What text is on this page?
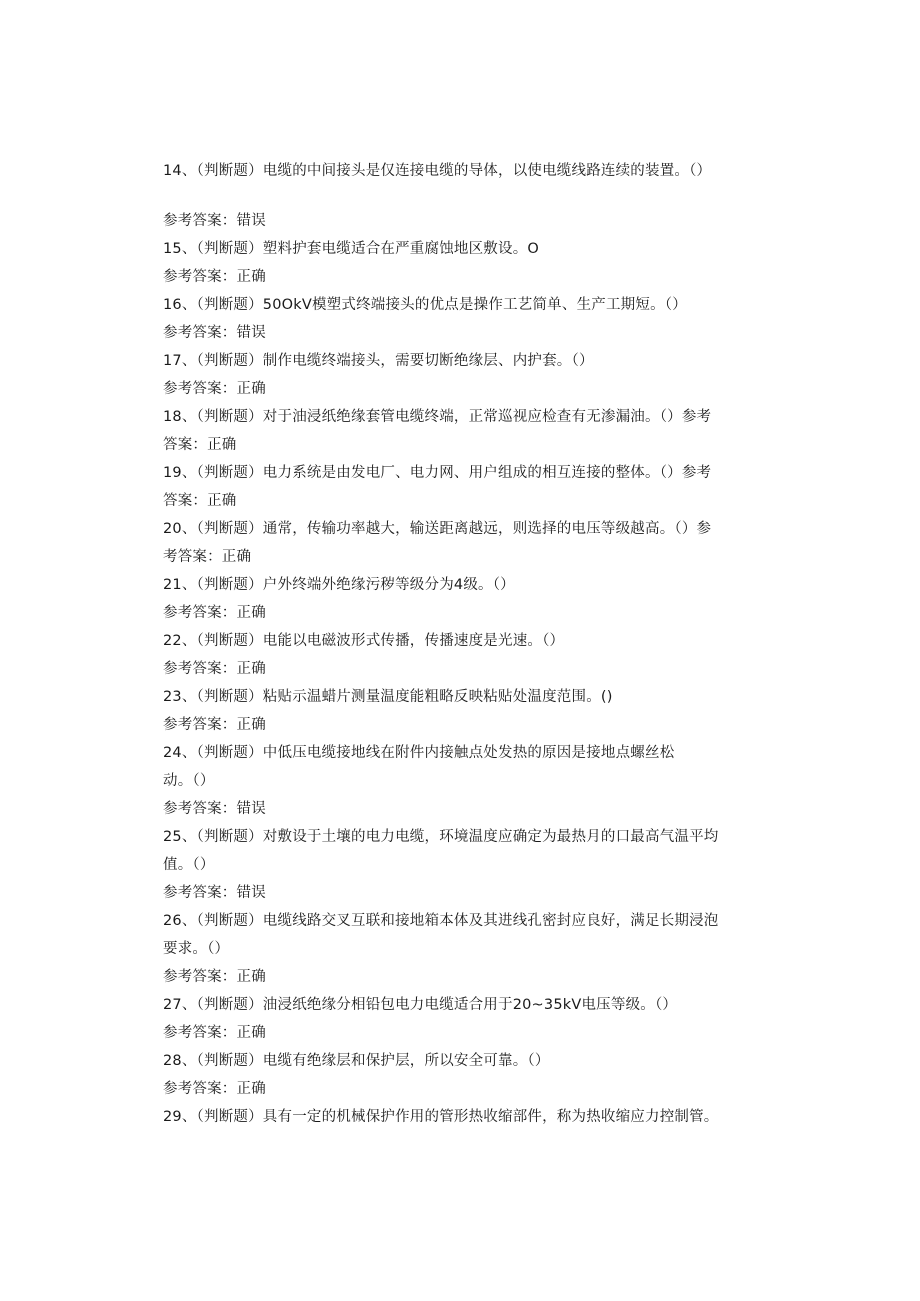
14、（判断题）电缆的中间接头是仅连接电缆的导体，以使电缆线路连续的装置。（）
参考答案：错误
15、（判断题）塑料护套电缆适合在严重腐蚀地区敷设。O
参考答案：正确
16、（判断题）50OkV模塑式终端接头的优点是操作工艺简单、生产工期短。（）
参考答案：错误
17、（判断题）制作电缆终端接头，需要切断绝缘层、内护套。（）
参考答案：正确
18、（判断题）对于油浸纸绝缘套管电缆终端，正常巡视应检查有无渗漏油。（）参考
答案：正确
19、（判断题）电力系统是由发电厂、电力网、用户组成的相互连接的整体。（）参考
答案：正确
20、（判断题）通常，传输功率越大，输送距离越远，则选择的电压等级越高。（）参
考答案：正确
21、（判断题）户外终端外绝缘污秽等级分为4级。（）
参考答案：正确
22、（判断题）电能以电磁波形式传播，传播速度是光速。（）
参考答案：正确
23、（判断题）粘贴示温蜡片测量温度能粗略反映粘贴处温度范围。()
参考答案：正确
24、（判断题）中低压电缆接地线在附件内接触点处发热的原因是接地点螺丝松
动。（）
参考答案：错误
25、（判断题）对敷设于土壤的电力电缆，环境温度应确定为最热月的口最高气温平均
值。（）
参考答案：错误
26、（判断题）电缆线路交叉互联和接地箱本体及其进线孔密封应良好，满足长期浸泡
要求。（）
参考答案：正确
27、（判断题）油浸纸绝缘分相铅包电力电缆适合用于20~35kV电压等级。（）
参考答案：正确
28、（判断题）电缆有绝缘层和保护层，所以安全可靠。（）
参考答案：正确
29、（判断题）具有一定的机械保护作用的管形热收缩部件，称为热收缩应力控制管。
